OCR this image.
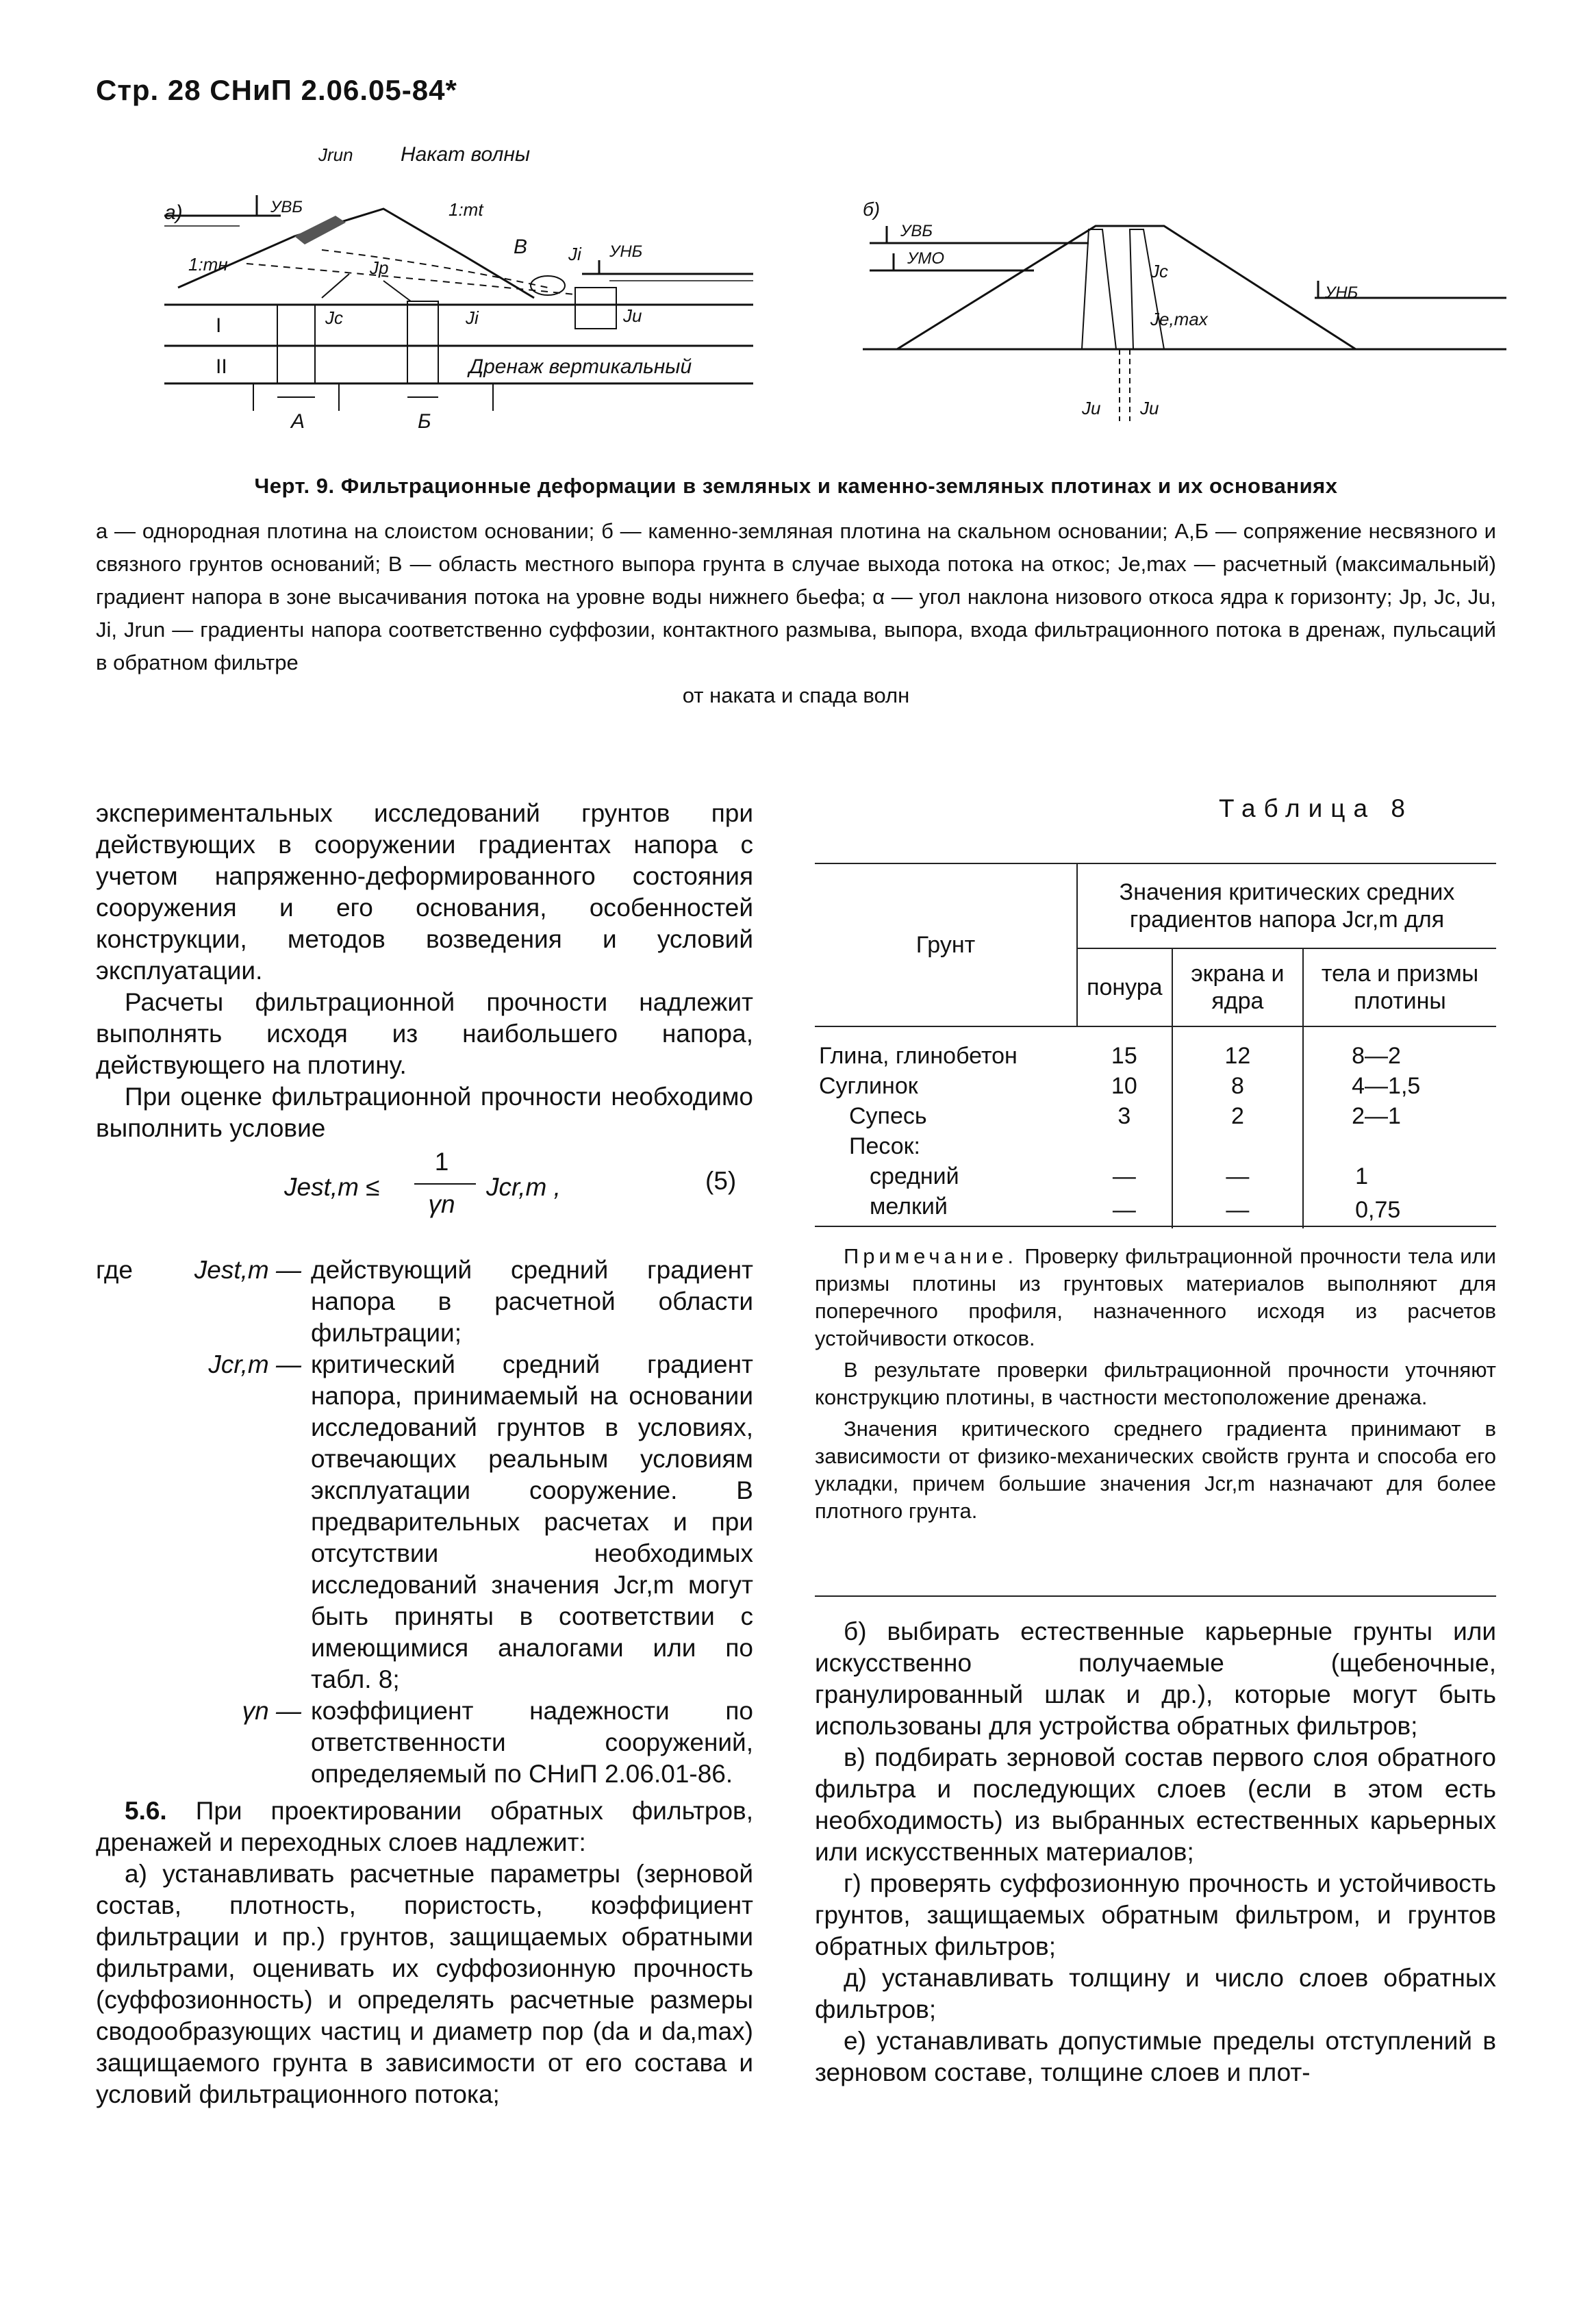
Стр. 28 СНиП 2.06.05-84*
а)	УВБ
Jrun Накат волны
1:mt
1:mн
В Ji УНБ
Jp
Jc	Ji	Ju
I
II	Дренаж вертикальный
А	Б
б)
УВБ
УМО
Jc
Je,max
УНБ
Ju Ju
Черт. 9. Фильтрационные деформации в земляных и каменно-земляных плотинах и их основаниях
а — однородная плотина на слоистом основании; б — каменно-земляная плотина на скальном основании; А,Б — сопряжение несвязного и связного грунтов оснований; В — область местного выпора грунта в случае выхода потока на откос; Je,max — расчетный (максимальный) градиент напора в зоне высачивания потока на уровне воды нижнего бьефа; α — угол наклона низового откоса ядра к горизонту; Jp, Jc, Ju, Ji, Jrun — градиенты напора соответственно суффозии, контактного размыва, выпора, входа фильтрационного потока в дренаж, пульсаций в обратном фильтре
от наката и спада волн

экспериментальных исследований грунтов при действующих в сооружении градиентах напора с учетом напряженно-деформированного состояния сооружения и его основания, особенностей конструкции, методов возведения и условий эксплуатации.

Расчеты фильтрационной прочности надлежит выполнять исходя из наибольшего напора, действующего на плотину.

При оценке фильтрационной прочности необходимо выполнить условие

Jest,m ≤
1
γn
Jcr,m ,	(5)
где Jest,m — действующий средний градиент напора в расчетной области фильтрации;
Jcr,m — критический средний градиент напора, принимаемый на основании исследований грунтов в условиях, отвечающих реальным условиям эксплуатации сооружение. В предварительных расчетах и при отсутствии необходимых исследований значения Jcr,m могут быть приняты в соответствии с имеющимися аналогами или по табл. 8;
γn — коэффициент надежности по ответственности сооружений, определяемый по СНиП 2.06.01-86.

5.6. При проектировании обратных фильтров, дренажей и переходных слоев надлежит:

а) устанавливать расчетные параметры (зерновой состав, плотность, пористость, коэффициент фильтрации и пр.) грунтов, защищаемых обратными фильтрами, оценивать их суффозионную прочность (суффозионность) и определять расчетные размеры сводообразующих частиц и диаметр пор (da и da,max) защищаемого грунта в зависимости от его состава и условий фильтрационного потока;

Таблица 8
Грунт	Значения критических средних градиентов напора Jcr,m для		
	понура	экрана и ядра	тела и призмы плотины
Глина, глинобетон	15	12	8—2
Суглинок	10	8	4—1,5
Супесь	3	2	2—1
Песок:			
средний	—	—	1
мелкий	—	—	0,75

Примечание. Проверку фильтрационной прочности тела или призмы плотины из грунтовых материалов выполняют для поперечного профиля, назначенного исходя из расчетов устойчивости откосов.

В результате проверки фильтрационной прочности уточняют конструкцию плотины, в частности местоположение дренажа.

Значения критического среднего градиента принимают в зависимости от физико-механических свойств грунта и способа его укладки, причем большие значения Jcr,m назначают для более плотного грунта.

б) выбирать естественные карьерные грунты или искусственно получаемые (щебеночные, гранулированный шлак и др.), которые могут быть использованы для устройства обратных фильтров;

в) подбирать зерновой состав первого слоя обратного фильтра и последующих слоев (если в этом есть необходимость) из выбранных естественных карьерных или искусственных материалов;

г) проверять суффозионную прочность и устойчивость грунтов, защищаемых обратным фильтром, и грунтов обратных фильтров;

д) устанавливать толщину и число слоев обратных фильтров;

е) устанавливать допустимые пределы отступлений в зерновом составе, толщине слоев и плот-
